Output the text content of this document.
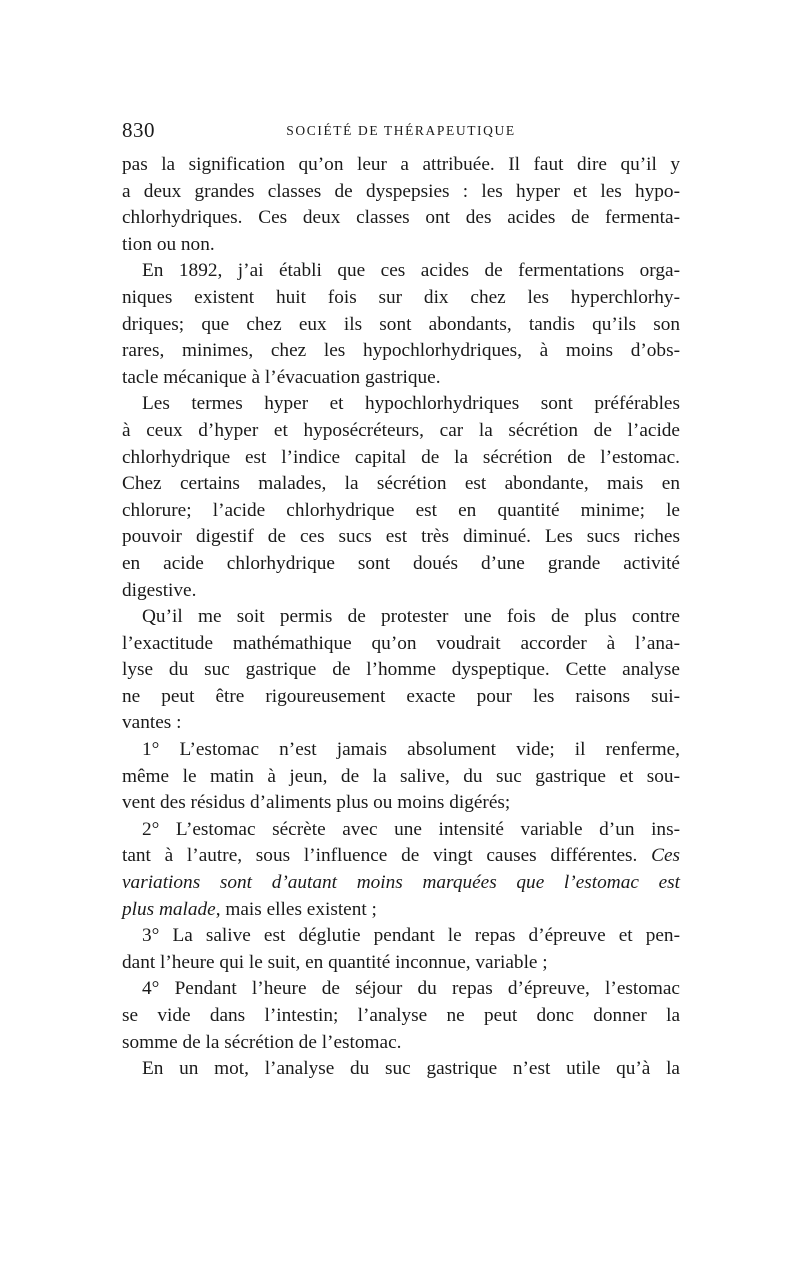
830	SOCIÉTÉ DE THÉRAPEUTIQUE

pas la signification qu’on leur a attribuée. Il faut dire qu’il y
a deux grandes classes de dyspepsies : les hyper et les hypo-
chlorhydriques. Ces deux classes ont des acides de fermenta-
tion ou non.

En 1892, j’ai établi que ces acides de fermentations orga-
niques existent huit fois sur dix chez les hyperchlorhy-
driques; que chez eux ils sont abondants, tandis qu’ils son
rares, minimes, chez les hypochlorhydriques, à moins d’obs-
tacle mécanique à l’évacuation gastrique.

Les termes hyper et hypochlorhydriques sont préférables
à ceux d’hyper et hyposécréteurs, car la sécrétion de l’acide
chlorhydrique est l’indice capital de la sécrétion de l’estomac.
Chez certains malades, la sécrétion est abondante, mais en
chlorure; l’acide chlorhydrique est en quantité minime; le
pouvoir digestif de ces sucs est très diminué. Les sucs riches
en acide chlorhydrique sont doués d’une grande activité
digestive.

Qu’il me soit permis de protester une fois de plus contre
l’exactitude mathémathique qu’on voudrait accorder à l’ana-
lyse du suc gastrique de l’homme dyspeptique. Cette analyse
ne peut être rigoureusement exacte pour les raisons sui-
vantes :

1° L’estomac n’est jamais absolument vide; il renferme,
même le matin à jeun, de la salive, du suc gastrique et sou-
vent des résidus d’aliments plus ou moins digérés;

2° L’estomac sécrète avec une intensité variable d’un ins-
tant à l’autre, sous l’influence de vingt causes différentes. Ces
variations sont d’autant moins marquées que l’estomac est
plus malade, mais elles existent ;

3° La salive est déglutie pendant le repas d’épreuve et pen-
dant l’heure qui le suit, en quantité inconnue, variable ;

4° Pendant l’heure de séjour du repas d’épreuve, l’estomac
se vide dans l’intestin; l’analyse ne peut donc donner la
somme de la sécrétion de l’estomac.

En un mot, l’analyse du suc gastrique n’est utile qu’à la
